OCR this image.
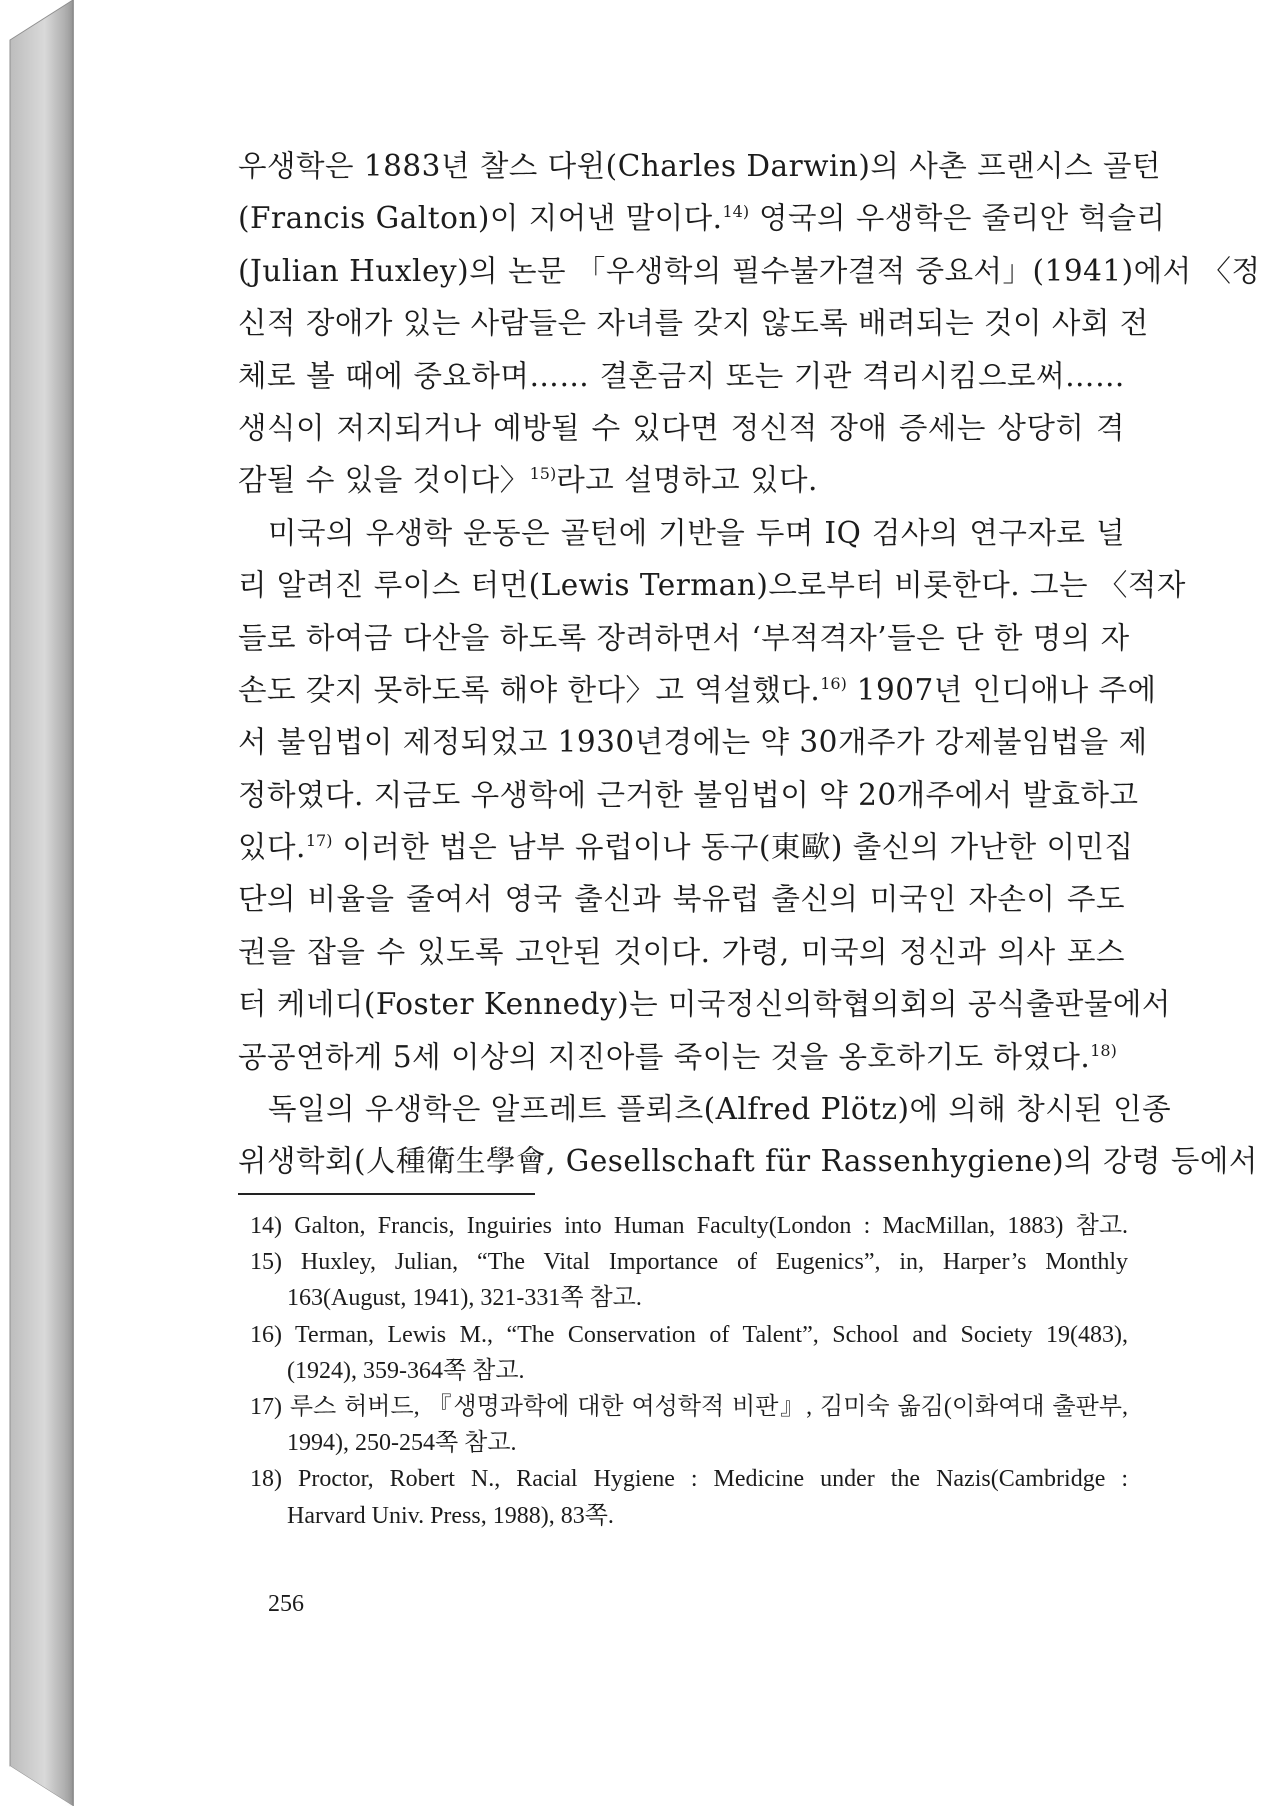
우생학은 1883년 찰스 다윈(Charles Darwin)의 사촌 프랜시스 골턴
(Francis Galton)이 지어낸 말이다.$^{14)}$ 영국의 우생학은 줄리안 헉슬리
(Julian Huxley)의 논문 「우생학의 필수불가결적 중요서」(1941)에서 〈정
신적 장애가 있는 사람들은 자녀를 갖지 않도록 배려되는 것이 사회 전
체로 볼 때에 중요하며…… 결혼금지 또는 기관 격리시킴으로써……
생식이 저지되거나 예방될 수 있다면 정신적 장애 증세는 상당히 격
감될 수 있을 것이다〉$^{15)}$라고 설명하고 있다.
미국의 우생학 운동은 골턴에 기반을 두며 IQ 검사의 연구자로 널
리 알려진 루이스 터먼(Lewis Terman)으로부터 비롯한다. 그는 〈적자
들로 하여금 다산을 하도록 장려하면서 ‘부적격자’들은 단 한 명의 자
손도 갖지 못하도록 해야 한다〉고 역설했다.$^{16)}$ 1907년 인디애나 주에
서 불임법이 제정되었고 1930년경에는 약 30개주가 강제불임법을 제
정하였다. 지금도 우생학에 근거한 불임법이 약 20개주에서 발효하고
있다.$^{17)}$ 이러한 법은 남부 유럽이나 동구(東歐) 출신의 가난한 이민집
단의 비율을 줄여서 영국 출신과 북유럽 출신의 미국인 자손이 주도
권을 잡을 수 있도록 고안된 것이다. 가령, 미국의 정신과 의사 포스
터 케네디(Foster Kennedy)는 미국정신의학협의회의 공식출판물에서
공공연하게 5세 이상의 지진아를 죽이는 것을 옹호하기도 하였다.$^{18)}$
독일의 우생학은 알프레트 플뢰츠(Alfred Plötz)에 의해 창시된 인종
위생학회(人種衛生學會, Gesellschaft für Rassenhygiene)의 강령 등에서
14) Galton, Francis, Inguiries into Human Faculty(London : MacMillan, 1883) 참고.
15) Huxley, Julian, “The Vital Importance of Eugenics”, in, Harper’s Monthly
163(August, 1941), 321-331쪽 참고.
16) Terman, Lewis M., “The Conservation of Talent”, School and Society 19(483),
(1924), 359-364쪽 참고.
17) 루스 허버드, 『생명과학에 대한 여성학적 비판』, 김미숙 옮김(이화여대 출판부,
1994), 250-254쪽 참고.
18) Proctor, Robert N., Racial Hygiene : Medicine under the Nazis(Cambridge :
Harvard Univ. Press, 1988), 83쪽.
256
